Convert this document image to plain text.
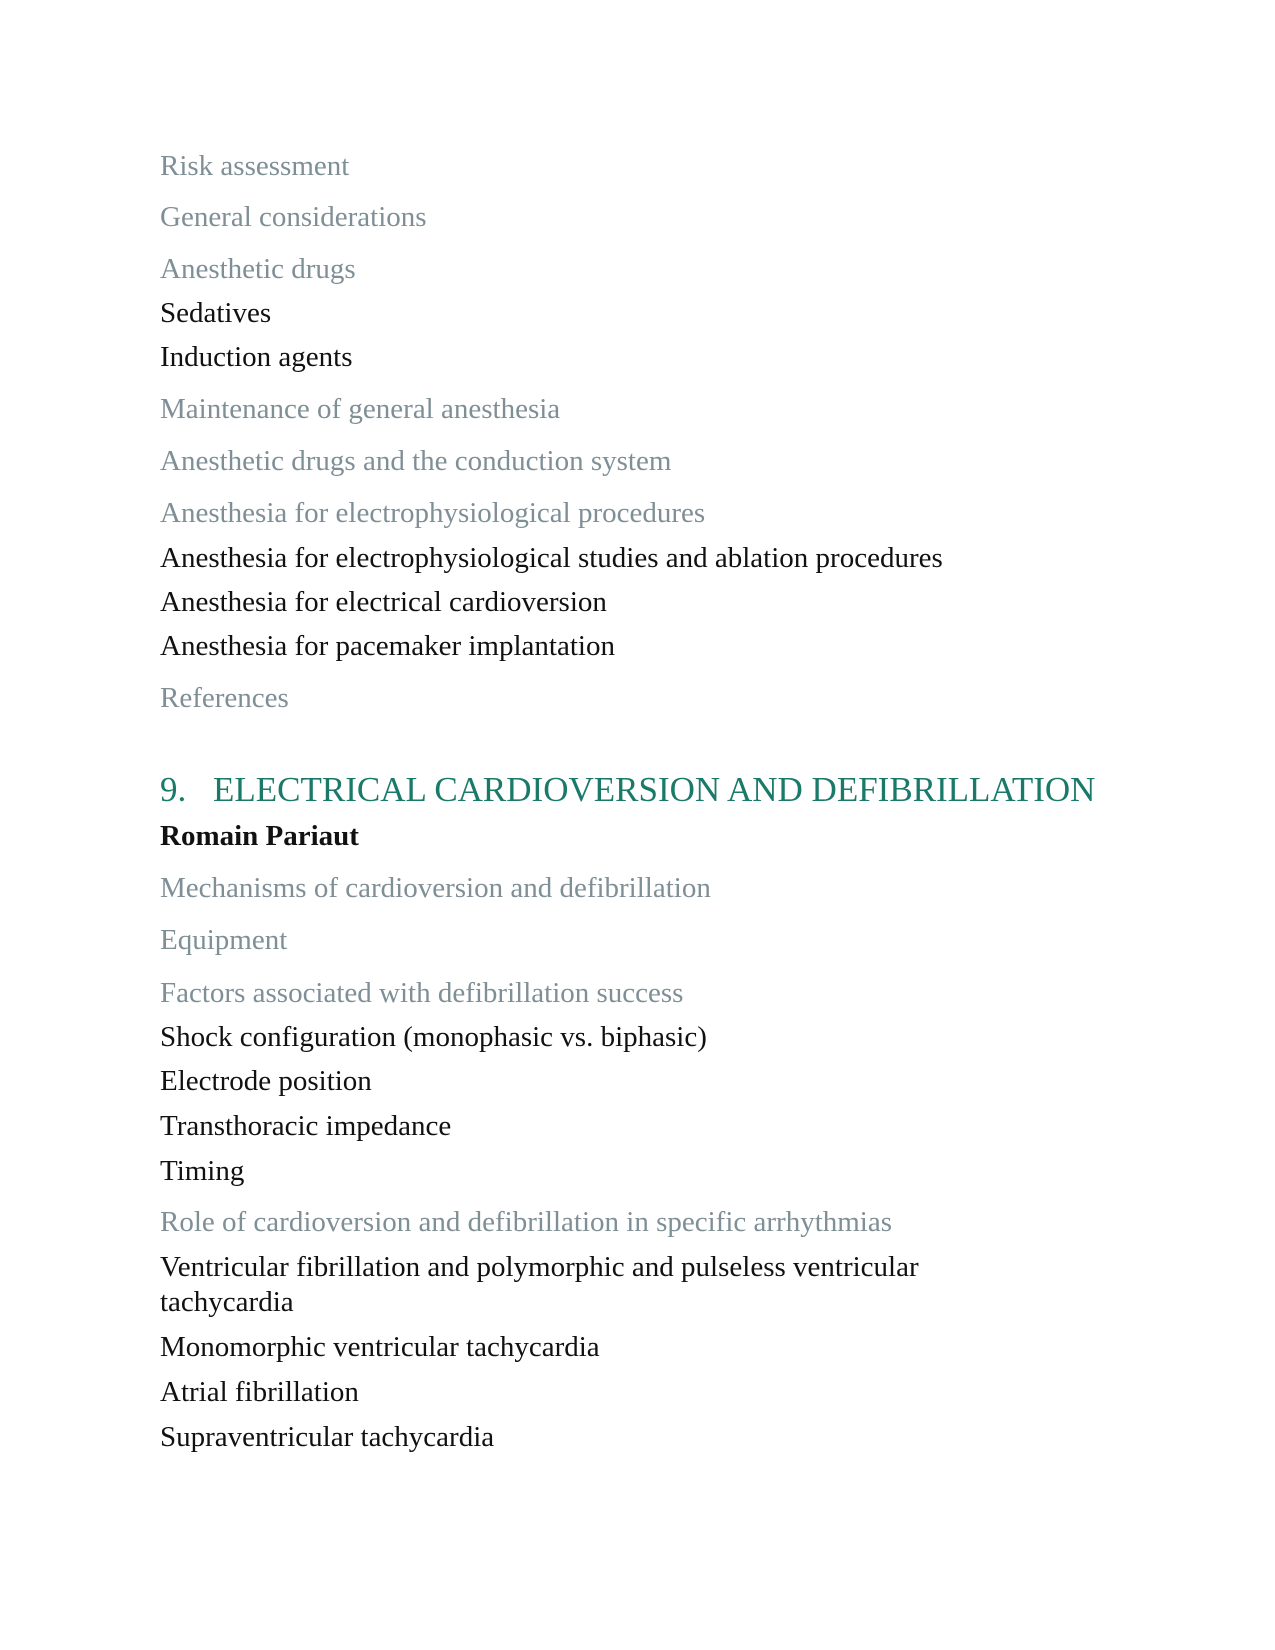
Risk assessment
General considerations
Anesthetic drugs
Sedatives
Induction agents
Maintenance of general anesthesia
Anesthetic drugs and the conduction system
Anesthesia for electrophysiological procedures
Anesthesia for electrophysiological studies and ablation procedures
Anesthesia for electrical cardioversion
Anesthesia for pacemaker implantation
References
9. ELECTRICAL CARDIOVERSION AND DEFIBRILLATION
Romain Pariaut
Mechanisms of cardioversion and defibrillation
Equipment
Factors associated with defibrillation success
Shock configuration (monophasic vs. biphasic)
Electrode position
Transthoracic impedance
Timing
Role of cardioversion and defibrillation in specific arrhythmias
Ventricular fibrillation and polymorphic and pulseless ventricular
tachycardia
Monomorphic ventricular tachycardia
Atrial fibrillation
Supraventricular tachycardia
